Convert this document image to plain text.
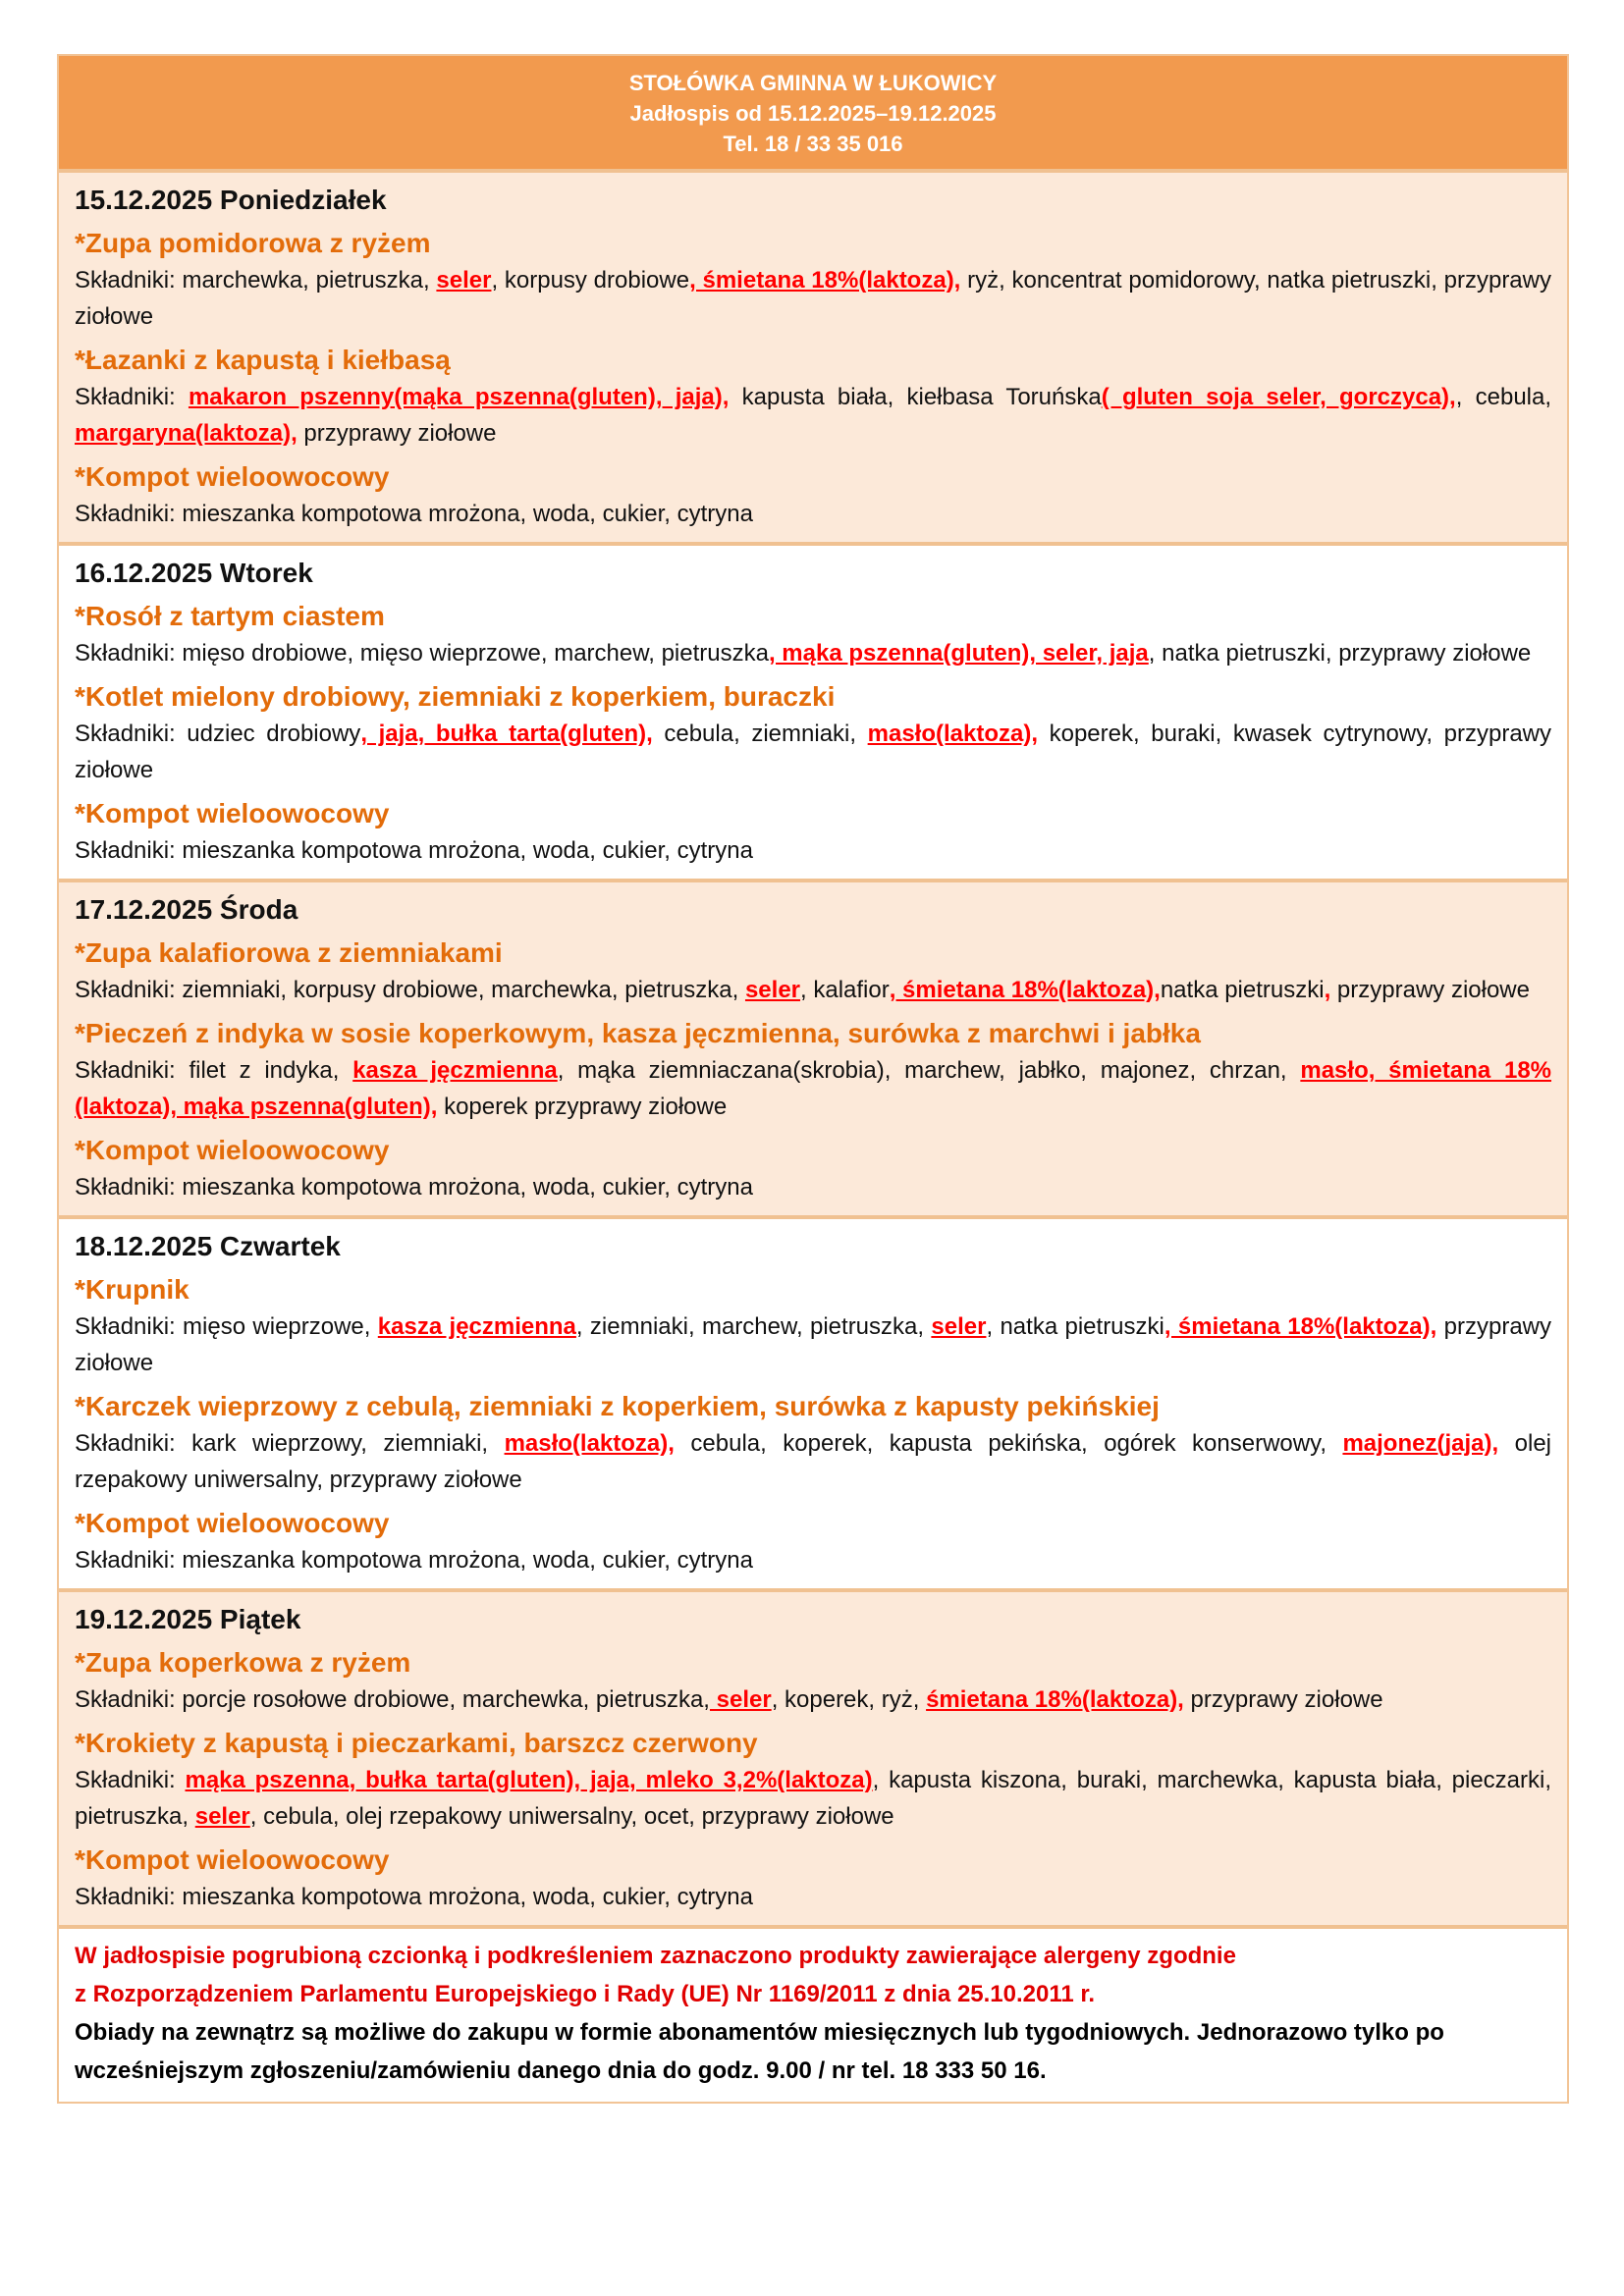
STOŁÓWKA GMINNA W ŁUKOWICY
Jadłospis od 15.12.2025–19.12.2025
Tel. 18 / 33 35 016
15.12.2025 Poniedziałek
*Zupa pomidorowa z ryżem

Składniki: marchewka, pietruszka, seler, korpusy drobiowe, śmietana 18%(laktoza), ryż, koncentrat pomidorowy, natka pietruszki, przyprawy ziołowe

*Łazanki z kapustą i kiełbasą

Składniki: makaron pszenny(mąka pszenna(gluten), jaja), kapusta biała, kiełbasa Toruńska( gluten soja seler, gorczyca),, cebula, margaryna(laktoza), przyprawy ziołowe

*Kompot wieloowocowy

Składniki: mieszanka kompotowa mrożona, woda, cukier, cytryna

16.12.2025 Wtorek
*Rosół z tartym ciastem

Składniki: mięso drobiowe, mięso wieprzowe, marchew, pietruszka, mąka pszenna(gluten), seler, jaja, natka pietruszki, przyprawy ziołowe

*Kotlet mielony drobiowy, ziemniaki z koperkiem, buraczki

Składniki: udziec drobiowy, jaja, bułka tarta(gluten), cebula, ziemniaki, masło(laktoza), koperek, buraki, kwasek cytrynowy, przyprawy ziołowe

*Kompot wieloowocowy

Składniki: mieszanka kompotowa mrożona, woda, cukier, cytryna

17.12.2025 Środa
*Zupa kalafiorowa z ziemniakami

Składniki: ziemniaki, korpusy drobiowe, marchewka, pietruszka, seler, kalafior, śmietana 18%(laktoza),natka pietruszki, przyprawy ziołowe

*Pieczeń z indyka w sosie koperkowym, kasza jęczmienna, surówka z marchwi i jabłka

Składniki: filet z indyka, kasza jęczmienna, mąka ziemniaczana(skrobia), marchew, jabłko, majonez, chrzan, masło, śmietana 18%(laktoza), mąka pszenna(gluten), koperek przyprawy ziołowe

*Kompot wieloowocowy

Składniki: mieszanka kompotowa mrożona, woda, cukier, cytryna

18.12.2025 Czwartek
*Krupnik

Składniki: mięso wieprzowe, kasza jęczmienna, ziemniaki, marchew, pietruszka, seler, natka pietruszki, śmietana 18%(laktoza), przyprawy ziołowe

*Karczek wieprzowy z cebulą, ziemniaki z koperkiem, surówka z kapusty pekińskiej

Składniki: kark wieprzowy, ziemniaki, masło(laktoza), cebula, koperek, kapusta pekińska, ogórek konserwowy, majonez(jaja), olej rzepakowy uniwersalny, przyprawy ziołowe

*Kompot wieloowocowy

Składniki: mieszanka kompotowa mrożona, woda, cukier, cytryna

19.12.2025 Piątek
*Zupa koperkowa z ryżem

Składniki: porcje rosołowe drobiowe, marchewka, pietruszka, seler, koperek, ryż, śmietana 18%(laktoza), przyprawy ziołowe

*Krokiety z kapustą i pieczarkami, barszcz czerwony

Składniki: mąka pszenna, bułka tarta(gluten), jaja, mleko 3,2%(laktoza), kapusta kiszona, buraki, marchewka, kapusta biała, pieczarki, pietruszka, seler, cebula, olej rzepakowy uniwersalny, ocet, przyprawy ziołowe

*Kompot wieloowocowy

Składniki: mieszanka kompotowa mrożona, woda, cukier, cytryna

W jadłospisie pogrubioną czcionką i podkreśleniem zaznaczono produkty zawierające alergeny zgodnie

z Rozporządzeniem Parlamentu Europejskiego i Rady (UE) Nr 1169/2011 z dnia 25.10.2011 r.

Obiady na zewnątrz są możliwe do zakupu w formie abonamentów miesięcznych lub tygodniowych. Jednorazowo tylko po wcześniejszym zgłoszeniu/zamówieniu danego dnia do godz. 9.00 / nr tel. 18 333 50 16.
